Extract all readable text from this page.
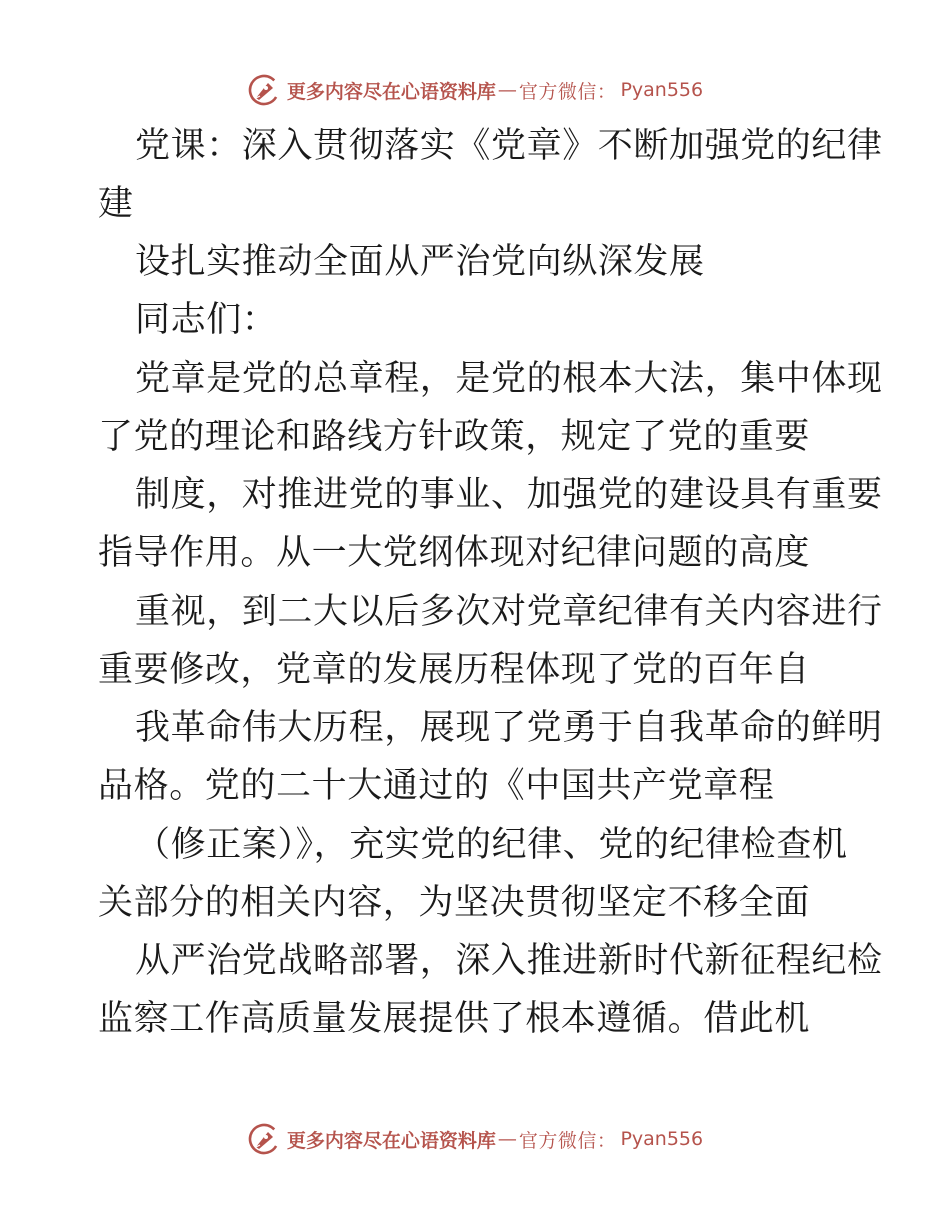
更多内容尽在心语资料库 — 官方微信： Pyan556

党课：深入贯彻落实《党章》不断加强党的纪律

建

设扎实推动全面从严治党向纵深发展

同志们：

党章是党的总章程，是党的根本大法，集中体现

了党的理论和路线方针政策，规定了党的重要

制度，对推进党的事业、加强党的建设具有重要

指导作用。从一大党纲体现对纪律问题的高度

重视，到二大以后多次对党章纪律有关内容进行

重要修改，党章的发展历程体现了党的百年自

我革命伟大历程，展现了党勇于自我革命的鲜明

品格。党的二十大通过的《中国共产党章程

（修正案）》，充实党的纪律、党的纪律检查机

关部分的相关内容，为坚决贯彻坚定不移全面

从严治党战略部署，深入推进新时代新征程纪检

监察工作高质量发展提供了根本遵循。借此机

更多内容尽在心语资料库 — 官方微信： Pyan556
